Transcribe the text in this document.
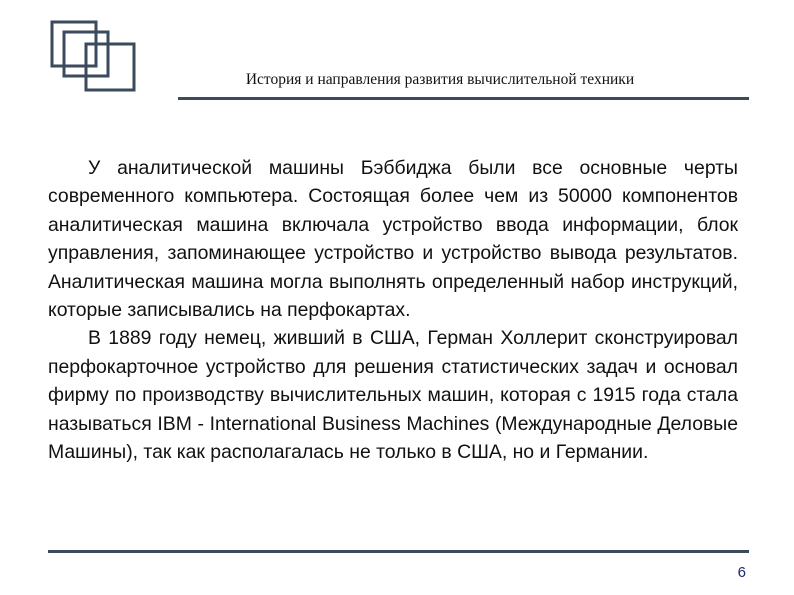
История и направления развития вычислительной техники

У аналитической машины Бэббиджа были все основные черты современного компьютера. Состоящая более чем из 50000 компонентов аналитическая машина включала устройство ввода информации, блок управления, запоминающее устройство и устройство вывода результатов. Аналитическая машина могла выполнять определенный набор инструкций, которые записывались на перфокартах.

В 1889 году немец, живший в США, Герман Холлерит сконструировал перфокарточное устройство для решения статистических задач и основал фирму по производству вычислительных машин, которая с 1915 года стала называться IBM - International Business Machines (Международные Деловые Машины), так как располагалась не только в США, но и Германии.

6
